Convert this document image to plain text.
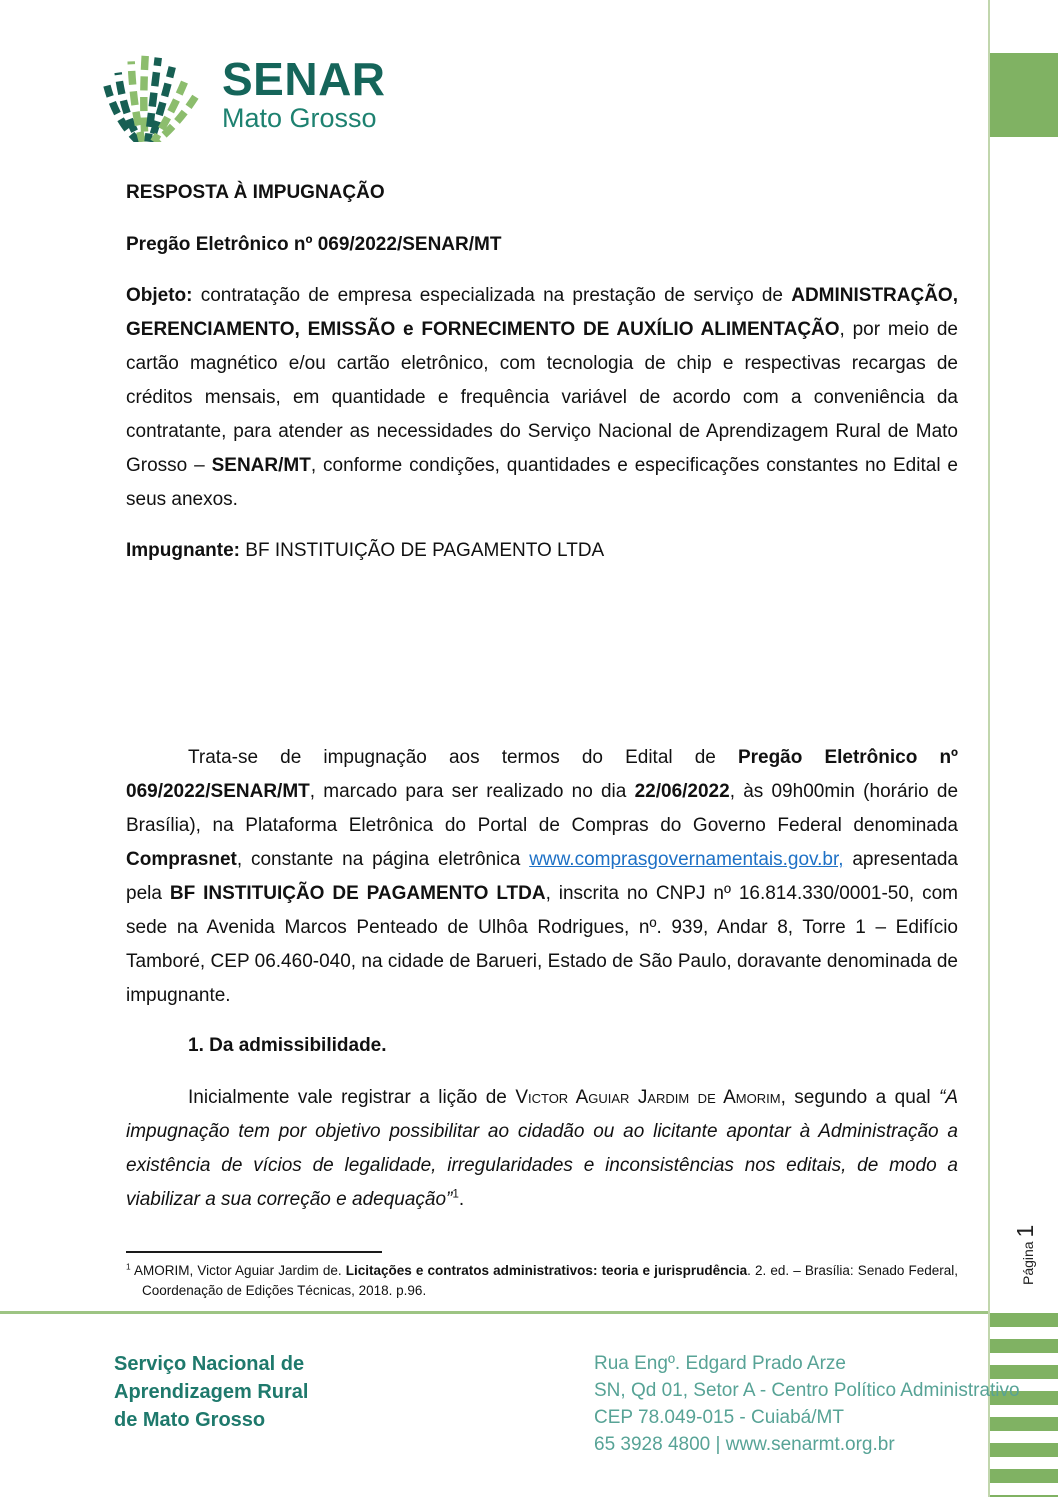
Página 1
SENAR
Mato Grosso
RESPOSTA À IMPUGNAÇÃO
Pregão Eletrônico nº 069/2022/SENAR/MT
Objeto: contratação de empresa especializada na prestação de serviço de ADMINISTRAÇÃO, GERENCIAMENTO, EMISSÃO e FORNECIMENTO DE AUXÍLIO ALIMENTAÇÃO, por meio de cartão magnético e/ou cartão eletrônico, com tecnologia de chip e respectivas recargas de créditos mensais, em quantidade e frequência variável de acordo com a conveniência da contratante, para atender as necessidades do Serviço Nacional de Aprendizagem Rural de Mato Grosso – SENAR/MT, conforme condições, quantidades e especificações constantes no Edital e seus anexos.
Impugnante: BF INSTITUIÇÃO DE PAGAMENTO LTDA
Trata-se de impugnação aos termos do Edital de Pregão Eletrônico nº 069/2022/SENAR/MT, marcado para ser realizado no dia 22/06/2022, às 09h00min (horário de Brasília), na Plataforma Eletrônica do Portal de Compras do Governo Federal denominada Comprasnet, constante na página eletrônica www.comprasgovernamentais.gov.br, apresentada pela BF INSTITUIÇÃO DE PAGAMENTO LTDA, inscrita no CNPJ nº 16.814.330/0001-50, com sede na Avenida Marcos Penteado de Ulhôa Rodrigues, nº. 939, Andar 8, Torre 1 – Edifício Tamboré, CEP 06.460-040, na cidade de Barueri, Estado de São Paulo, doravante denominada de impugnante.
1. Da admissibilidade.
Inicialmente vale registrar a lição de Victor Aguiar Jardim de Amorim, segundo a qual “A impugnação tem por objetivo possibilitar ao cidadão ou ao licitante apontar à Administração a existência de vícios de legalidade, irregularidades e inconsistências nos editais, de modo a viabilizar a sua correção e adequação”$^1$.
$^1$ AMORIM, Victor Aguiar Jardim de. Licitações e contratos administrativos: teoria e jurisprudência. 2. ed. – Brasília: Senado Federal, Coordenação de Edições Técnicas, 2018. p.96.
Serviço Nacional de
Aprendizagem Rural
de Mato Grosso
Rua Engº. Edgard Prado Arze
SN, Qd 01, Setor A - Centro Político Administrativo
CEP 78.049-015 - Cuiabá/MT
65 3928 4800 | www.senarmt.org.br
